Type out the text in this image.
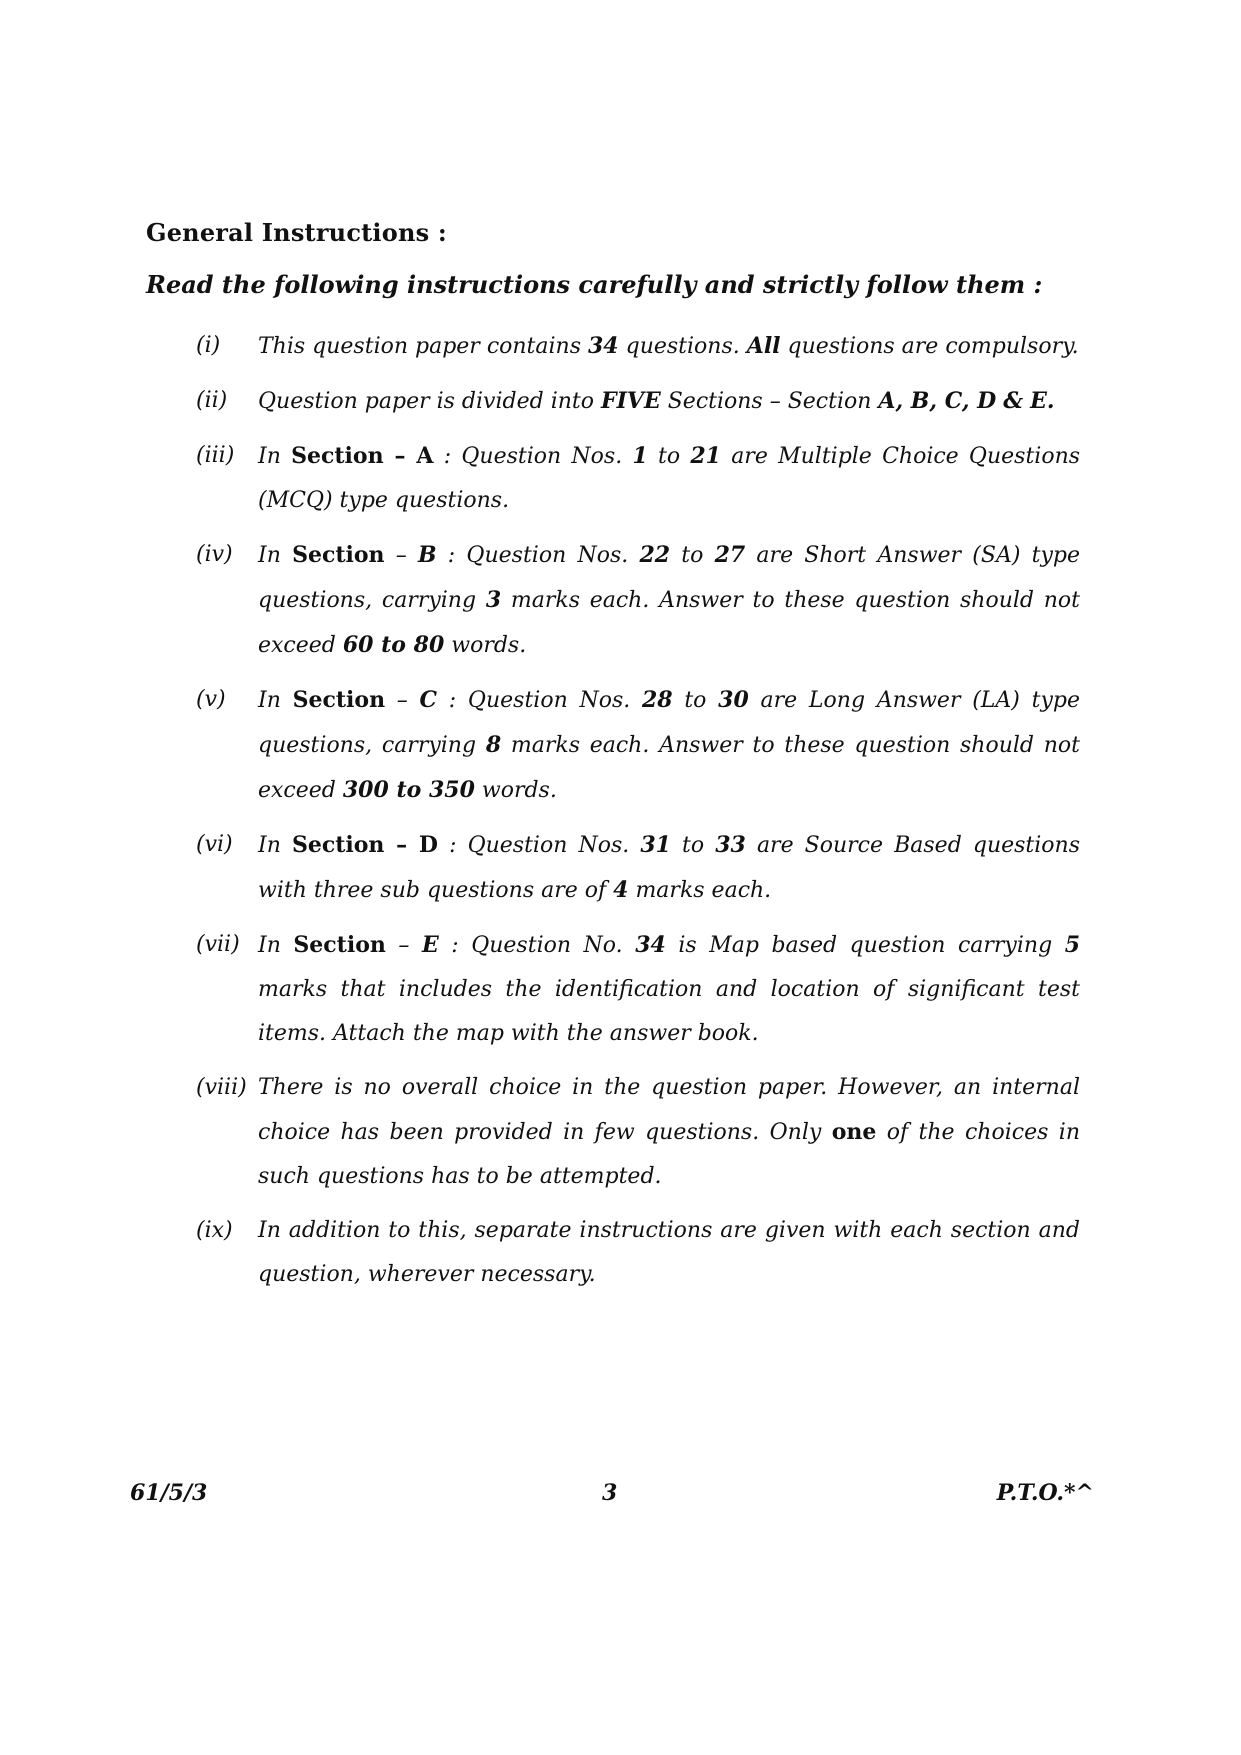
General Instructions :
Read the following instructions carefully and strictly follow them :
(i)	This question paper contains 34 questions. All questions are compulsory.
(ii)	Question paper is divided into FIVE Sections – Section A, B, C, D & E.
(iii)	In Section – A : Question Nos. 1 to 21 are Multiple Choice Questions (MCQ) type questions.
(iv)	In Section – B : Question Nos. 22 to 27 are Short Answer (SA) type questions, carrying 3 marks each. Answer to these question should not exceed 60 to 80 words.
(v)	In Section – C : Question Nos. 28 to 30 are Long Answer (LA) type questions, carrying 8 marks each. Answer to these question should not exceed 300 to 350 words.
(vi)	In Section – D : Question Nos. 31 to 33 are Source Based questions with three sub questions are of 4 marks each.
(vii) In Section – E : Question No. 34 is Map based question carrying 5 marks that includes the identification and location of significant test items. Attach the map with the answer book.
(viii) There is no overall choice in the question paper. However, an internal choice has been provided in few questions. Only one of the choices in such questions has to be attempted.
(ix)	In addition to this, separate instructions are given with each section and question, wherever necessary.
61/5/3	3	P.T.O.*^
